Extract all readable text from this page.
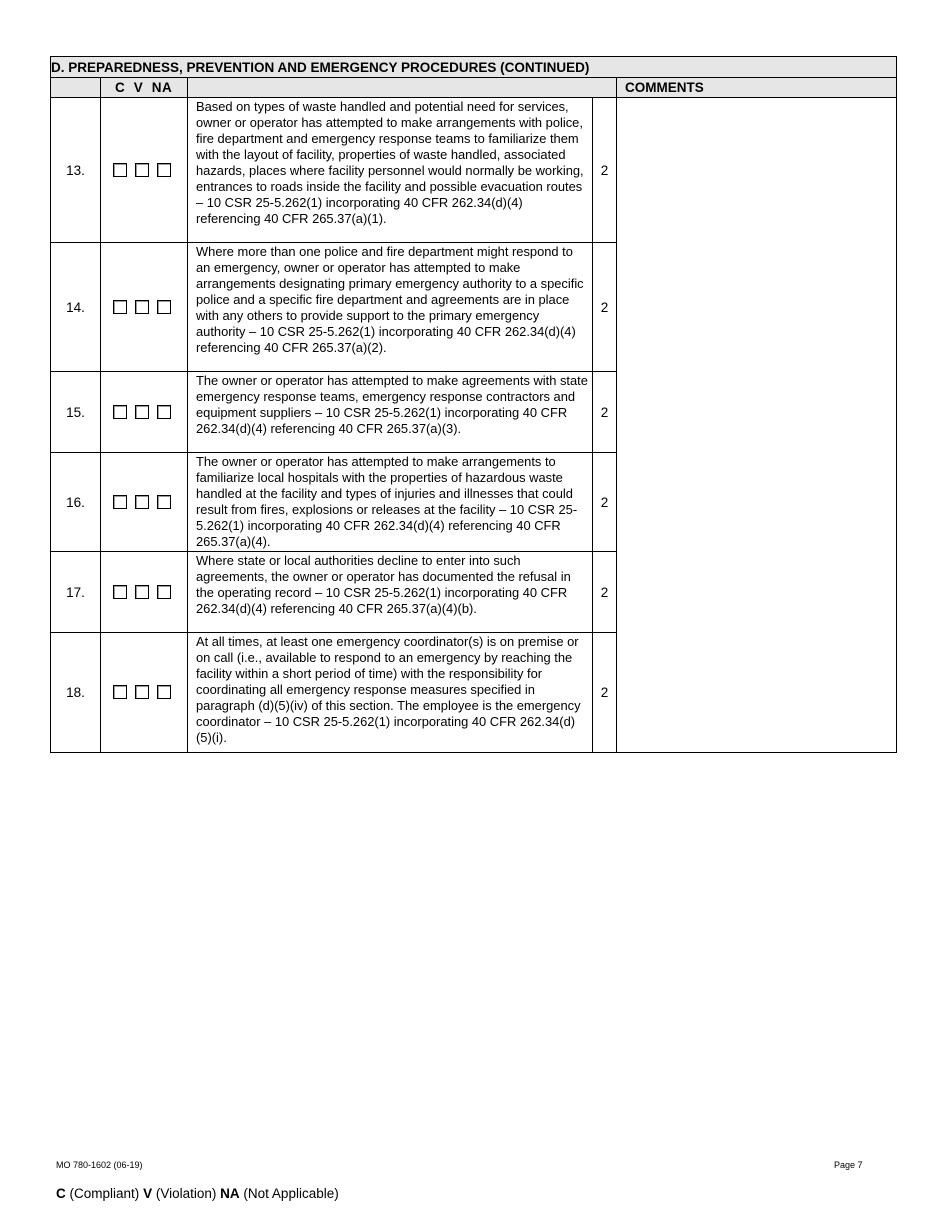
D. PREPAREDNESS, PREVENTION AND EMERGENCY PROCEDURES (CONTINUED)				
	C  V  NA			COMMENTS
13.		Based on types of waste handled and potential need for services, owner or operator has attempted to make arrangements with police, fire department and emergency response teams to familiarize them with the layout of facility, properties of waste handled, associated hazards, places where facility personnel would normally be working, entrances to roads inside the facility and possible evacuation routes – 10 CSR 25-5.262(1) incorporating 40 CFR 262.34(d)(4) referencing 40 CFR 265.37(a)(1).	2	
14.		Where more than one police and fire department might respond to an emergency, owner or operator has attempted to make arrangements designating primary emergency authority to a specific police and a specific fire department and agreements are in place with any others to provide support to the primary emergency authority – 10 CSR 25-5.262(1) incorporating 40 CFR 262.34(d)(4) referencing 40 CFR 265.37(a)(2).	2	
15.		The owner or operator has attempted to make agreements with state emergency response teams, emergency response contractors and equipment suppliers – 10 CSR 25-5.262(1) incorporating 40 CFR 262.34(d)(4) referencing 40 CFR 265.37(a)(3).	2	
16.		The owner or operator has attempted to make arrangements to familiarize local hospitals with the properties of hazardous waste handled at the facility and types of injuries and illnesses that could result from fires, explosions or releases at the facility – 10 CSR 25-5.262(1) incorporating 40 CFR 262.34(d)(4) referencing 40 CFR 265.37(a)(4).	2	
17.		Where state or local authorities decline to enter into such agreements, the owner or operator has documented the refusal in the operating record – 10 CSR 25-5.262(1) incorporating 40 CFR 262.34(d)(4) referencing 40 CFR 265.37(a)(4)(b).	2	
18.		At all times, at least one emergency coordinator(s) is on premise or on call (i.e., available to respond to an emergency by reaching the facility within a short period of time) with the responsibility for coordinating all emergency response measures specified in paragraph (d)(5)(iv) of this section. The employee is the emergency coordinator – 10 CSR 25-5.262(1) incorporating 40 CFR 262.34(d)(5)(i).	2	
MO 780-1602 (06-19)	Page 7
C (Compliant) V (Violation) NA (Not Applicable)
